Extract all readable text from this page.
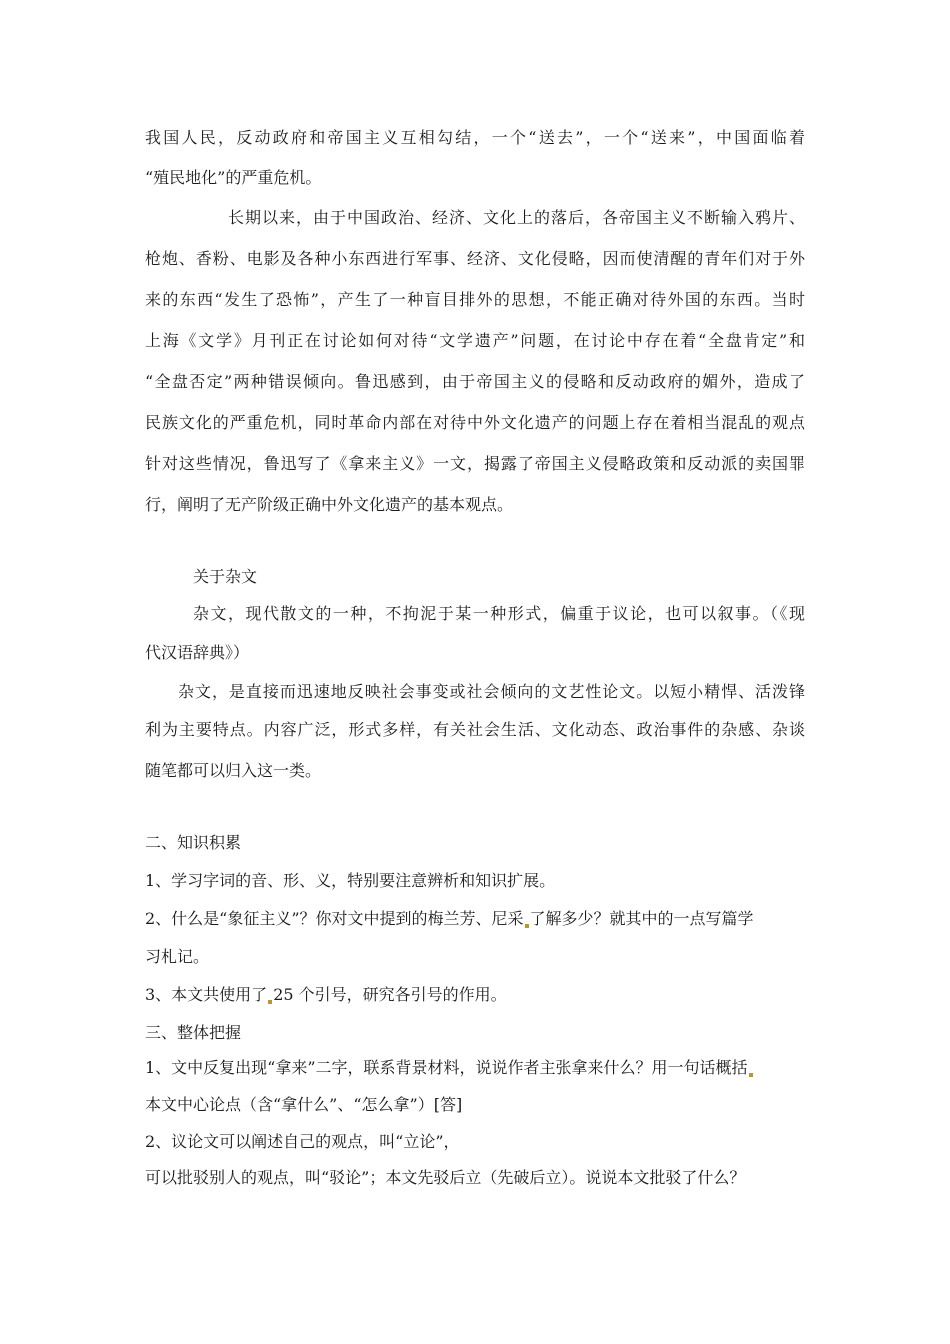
我国人民，反动政府和帝国主义互相勾结，一个“送去”，一个“送来”，中国面临着
“殖民地化”的严重危机。
长期以来，由于中国政治、经济、文化上的落后，各帝国主义不断输入鸦片、
枪炮、香粉、电影及各种小东西进行军事、经济、文化侵略，因而使清醒的青年们对于外
来的东西“发生了恐怖”，产生了一种盲目排外的思想，不能正确对待外国的东西。当时
上海《文学》月刊正在讨论如何对待“文学遗产”问题，在讨论中存在着“全盘肯定”和
“全盘否定”两种错误倾向。鲁迅感到，由于帝国主义的侵略和反动政府的媚外，造成了
民族文化的严重危机，同时革命内部在对待中外文化遗产的问题上存在着相当混乱的观点
针对这些情况，鲁迅写了《拿来主义》一文，揭露了帝国主义侵略政策和反动派的卖国罪
行，阐明了无产阶级正确中外文化遗产的基本观点。
关于杂文
杂文，现代散文的一种，不拘泥于某一种形式，偏重于议论，也可以叙事。（《现
代汉语辞典》）
杂文，是直接而迅速地反映社会事变或社会倾向的文艺性论文。以短小精悍、活泼锋
利为主要特点。内容广泛，形式多样，有关社会生活、文化动态、政治事件的杂感、杂谈
随笔都可以归入这一类。
二、知识积累
1、学习字词的音、形、义，特别要注意辨析和知识扩展。
2、什么是“象征主义”？你对文中提到的梅兰芳、尼采 了解多少？就其中的一点写篇学
习札记。
3、本文共使用了 25 个引号，研究各引号的作用。
三、整体把握
1、文中反复出现“拿来”二字，联系背景材料，说说作者主张拿来什么？用一句话概括
本文中心论点（含“拿什么”、“怎么拿”）[答]
2、议论文可以阐述自己的观点，叫“立论”，
可以批驳别人的观点，叫“驳论”；本文先驳后立（先破后立）。说说本文批驳了什么？
